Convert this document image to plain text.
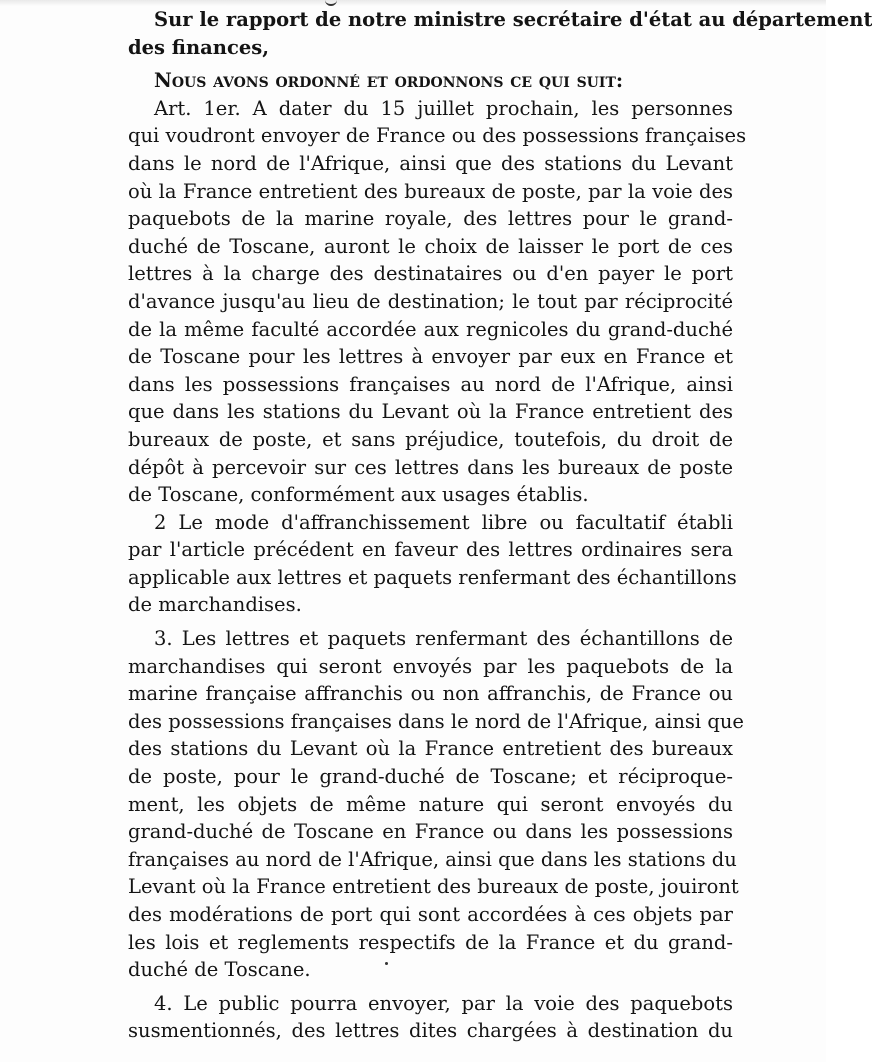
Sur le rapport de notre ministre secrétaire d'état au département
des finances,
Nous avons ordonné et ordonnons ce qui suit:
Art. 1er. A dater du 15 juillet prochain, les personnes
qui voudront envoyer de France ou des possessions françaises
dans le nord de l'Afrique, ainsi que des stations du Levant
où la France entretient des bureaux de poste, par la voie des
paquebots de la marine royale, des lettres pour le grand-
duché de Toscane, auront le choix de laisser le port de ces
lettres à la charge des destinataires ou d'en payer le port
d'avance jusqu'au lieu de destination; le tout par réciprocité
de la même faculté accordée aux regnicoles du grand-duché
de Toscane pour les lettres à envoyer par eux en France et
dans les possessions françaises au nord de l'Afrique, ainsi
que dans les stations du Levant où la France entretient des
bureaux de poste, et sans préjudice, toutefois, du droit de
dépôt à percevoir sur ces lettres dans les bureaux de poste
de Toscane, conformément aux usages établis.
2 Le mode d'affranchissement libre ou facultatif établi
par l'article précédent en faveur des lettres ordinaires sera
applicable aux lettres et paquets renfermant des échantillons
de marchandises.
3. Les lettres et paquets renfermant des échantillons de
marchandises qui seront envoyés par les paquebots de la
marine française affranchis ou non affranchis, de France ou
des possessions françaises dans le nord de l'Afrique, ainsi que
des stations du Levant où la France entretient des bureaux
de poste, pour le grand-duché de Toscane; et réciproque-
ment, les objets de même nature qui seront envoyés du
grand-duché de Toscane en France ou dans les possessions
françaises au nord de l'Afrique, ainsi que dans les stations du
Levant où la France entretient des bureaux de poste, jouiront
des modérations de port qui sont accordées à ces objets par
les lois et reglements respectifs de la France et du grand-
duché de Toscane.
4. Le public pourra envoyer, par la voie des paquebots
susmentionnés, des lettres dites chargées à destination du
